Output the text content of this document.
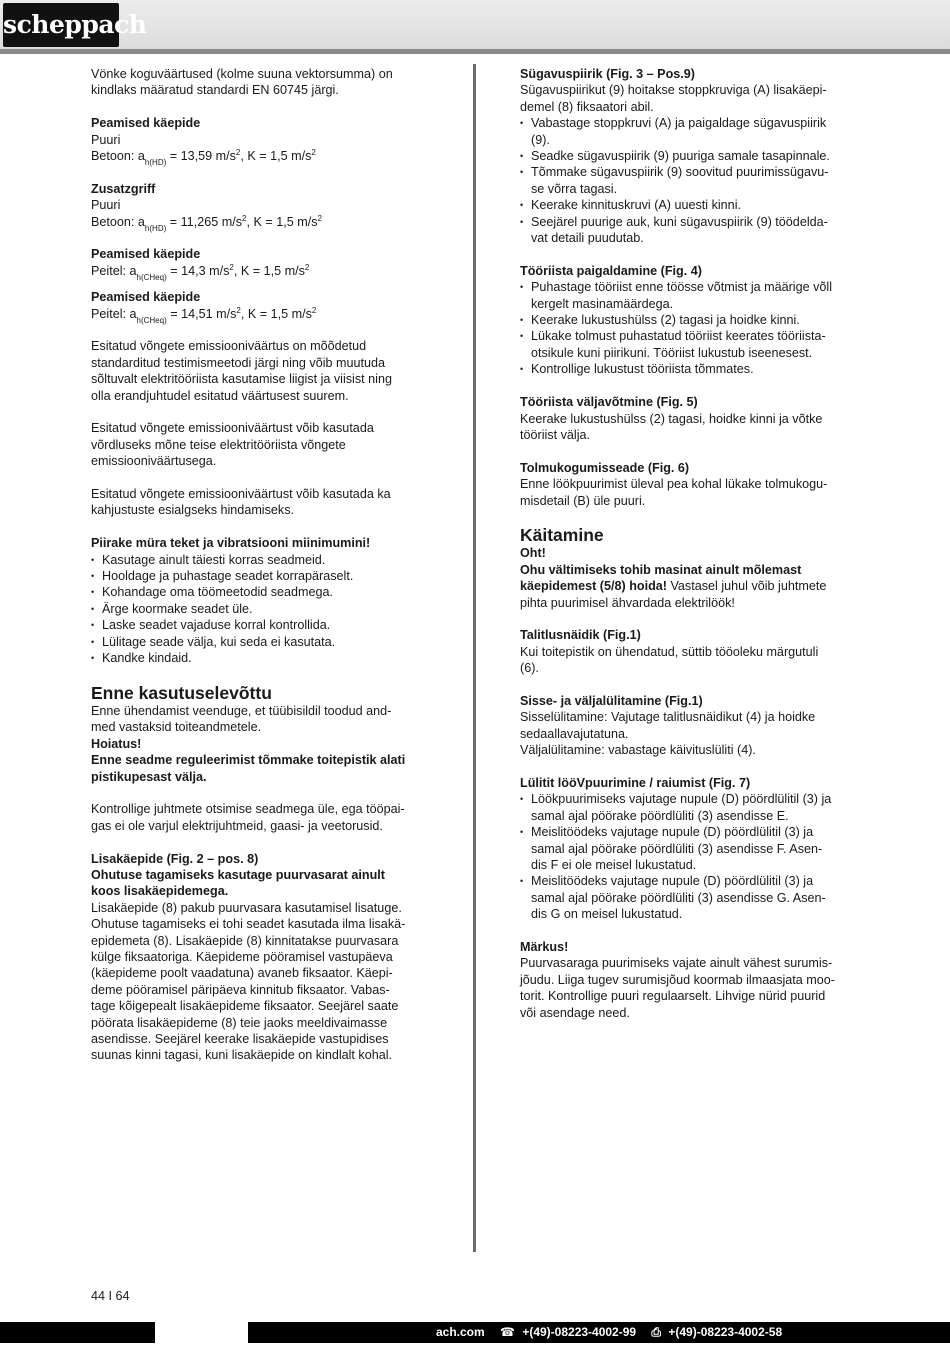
scheppach

Vönke koguväärtused (kolme suuna vektorsumma) on

kindlaks määratud standardi EN 60745 järgi.

Peamised käepide

Puuri

Betoon: $a_{h(HD)} = 13,59$ $m/s^2$, K = 1,5 $m/s^2$

Zusatzgriff

Puuri

Betoon: $a_{h(HD)} = 11,265$ $m/s^2$, K = 1,5 $m/s^2$

Peamised käepide

Peitel: $a_{h(CHeq)} = 14,3$ $m/s^2$, K = 1,5 $m/s^2$

Peamised käepide

Peitel: $a_{h(CHeq)} = 14,51$ $m/s^2$, K = 1,5 $m/s^2$

Esitatud võngete emissiooniväärtus on mõõdetud

standarditud testimismeetodi järgi ning võib muutuda

sõltuvalt elektritööriista kasutamise liigist ja viisist ning

olla erandjuhtudel esitatud väärtusest suurem.

Esitatud võngete emissiooniväärtust võib kasutada

võrdluseks mõne teise elektritööriista võngete

emissiooniväärtusega.

Esitatud võngete emissiooniväärtust võib kasutada ka

kahjustuste esialgseks hindamiseks.

Piirake müra teket ja vibratsiooni miinimumini!

• Kasutage ainult täiesti korras seadmeid.
• Hooldage ja puhastage seadet korrapäraselt.
• Kohandage oma töömeetodid seadmega.
• Ärge koormake seadet üle.
• Laske seadet vajaduse korral kontrollida.
• Lülitage seade välja, kui seda ei kasutata.
• Kandke kindaid.
Enne kasutuselevõttu

Enne ühendamist veenduge, et tüübisildil toodud and-

med vastaksid toiteandmetele.

Hoiatus!

Enne seadme reguleerimist tõmmake toitepistik alati

pistikupesast välja.

Kontrollige juhtmete otsimise seadmega üle, ega tööpai-

gas ei ole varjul elektrijuhtmeid, gaasi- ja veetorusid.

Lisakäepide (Fig. 2 – pos. 8)

Ohutuse tagamiseks kasutage puurvasarat ainult

koos lisakäepidemega.

Lisakäepide (8) pakub puurvasara kasutamisel lisatuge.

Ohutuse tagamiseks ei tohi seadet kasutada ilma lisakä-

epidemeta (8). Lisakäepide (8) kinnitatakse puurvasara

külge fiksaatoriga. Käepideme pööramisel vastupäeva

(käepideme poolt vaadatuna) avaneb fiksaator. Käepi-

deme pööramisel päripäeva kinnitub fiksaator. Vabas-

tage kõigepealt lisakäepideme fiksaator. Seejärel saate

pöörata lisakäepideme (8) teie jaoks meeldivaimasse

asendisse. Seejärel keerake lisakäepide vastupidises

suunas kinni tagasi, kuni lisakäepide on kindlalt kohal.

Sügavuspiirik (Fig. 3 – Pos.9)

Sügavuspiirikut (9) hoitakse stoppkruviga (A) lisakäepi-

demel (8) fiksaatori abil.

• Vabastage stoppkruvi (A) ja paigaldage sügavuspiirik
(9).
• Seadke sügavuspiirik (9) puuriga samale tasapinnale.
• Tõmmake sügavuspiirik (9) soovitud puurimissügavu-
se võrra tagasi.
• Keerake kinnituskruvi (A) uuesti kinni.
• Seejärel puurige auk, kuni sügavuspiirik (9) töödelda-
vat detaili puudutab.

Tööriista paigaldamine (Fig. 4)

• Puhastage tööriist enne töösse võtmist ja määrige võll
kergelt masinamäärdega.
• Keerake lukustushülss (2) tagasi ja hoidke kinni.
• Lükake tolmust puhastatud tööriist keerates tööriista-
otsikule kuni piirikuni. Tööriist lukustub iseenesest.
• Kontrollige lukustust tööriista tõmmates.

Tööriista väljavõtmine (Fig. 5)

Keerake lukustushülss (2) tagasi, hoidke kinni ja võtke

tööriist välja.

Tolmukogumisseade (Fig. 6)

Enne löökpuurimist üleval pea kohal lükake tolmukogu-

misdetail (B) üle puuri.

Käitamine

Oht!

Ohu vältimiseks tohib masinat ainult mõlemast

käepidemest (5/8) hoida! Vastasel juhul võib juhtmete

pihta puurimisel ähvardada elektrilöök!

Talitlusnäidik (Fig.1)

Kui toitepistik on ühendatud, süttib tööoleku märgutuli

(6).

Sisse- ja väljalülitamine (Fig.1)

Sisselülitamine: Vajutage talitlusnäidikut (4) ja hoidke

sedaallavajutatuna.

Väljalülitamine: vabastage käivituslüliti (4).

Lülitit lööVpuurimine / raiumist (Fig. 7)

• Löökpuurimiseks vajutage nupule (D) pöördlülitil (3) ja
samal ajal pöörake pöördlüliti (3) asendisse E.
• Meislitöödeks vajutage nupule (D) pöördlülitil (3) ja
samal ajal pöörake pöördlüliti (3) asendisse F. Asen-
dis F ei ole meisel lukustatud.
• Meislitöödeks vajutage nupule (D) pöördlülitil (3) ja
samal ajal pöörake pöördlüliti (3) asendisse G. Asen-
dis G on meisel lukustatud.

Märkus!

Puurvasaraga puurimiseks vajate ainult vähest surumis-

jõudu. Liiga tugev surumisjõud koormab ilmaasjata moo-

torit. Kontrollige puuri regulaarselt. Lihvige nürid puurid

või asendage need.

44 I 64
ach.com ☎ +(49)-08223-4002-99 ⎙ +(49)-08223-4002-58
